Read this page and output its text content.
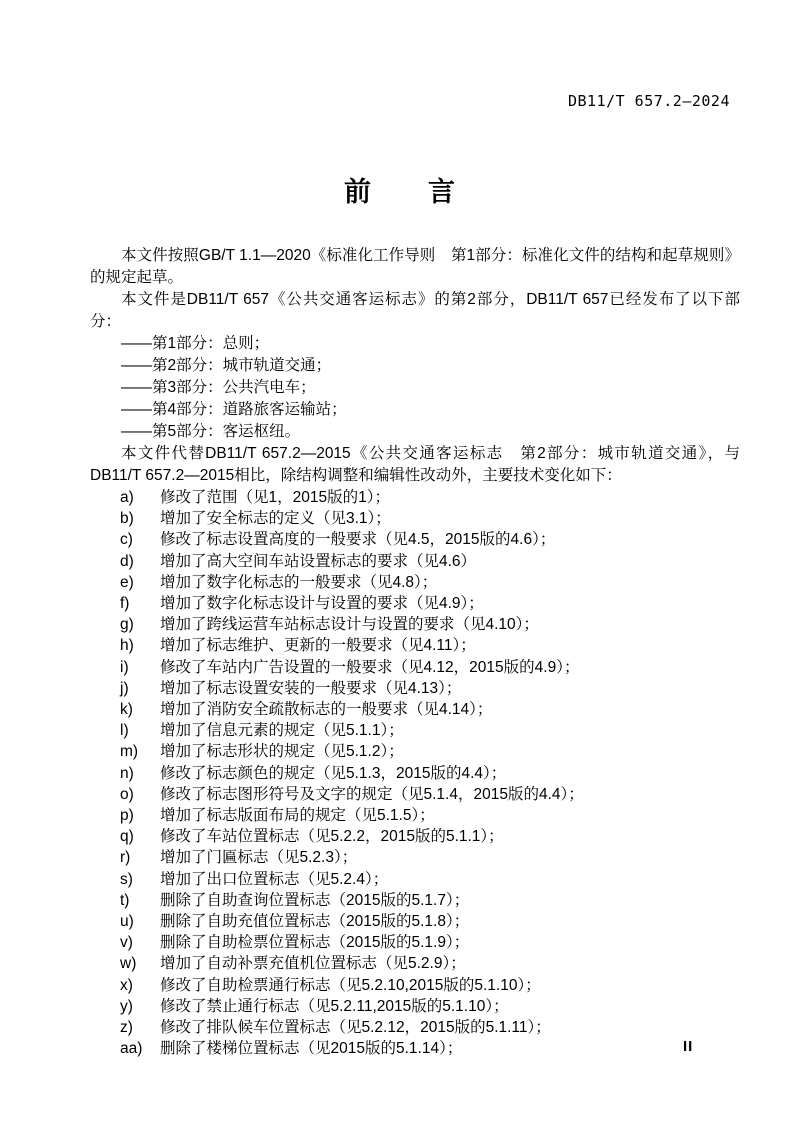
DB11/T 657.2—2024
前　　言

本文件按照GB/T 1.1—2020《标准化工作导则　第1部分：标准化文件的结构和起草规则》的规定起草。

本文件是DB11/T 657《公共交通客运标志》的第2部分，DB11/T 657已经发布了以下部分：

——第1部分：总则；
——第2部分：城市轨道交通；
——第3部分：公共汽电车；
——第4部分：道路旅客运输站；
——第5部分：客运枢纽。

本文件代替DB11/T 657.2—2015《公共交通客运标志　第2部分：城市轨道交通》，与DB11/T 657.2—2015相比，除结构调整和编辑性改动外，主要技术变化如下：

a)	修改了范围（见1，2015版的1）；
b)	增加了安全标志的定义（见3.1）；
c)	修改了标志设置高度的一般要求（见4.5，2015版的4.6）；
d)	增加了高大空间车站设置标志的要求（见4.6）
e)	增加了数字化标志的一般要求（见4.8）；
f)	增加了数字化标志设计与设置的要求（见4.9）；
g)	增加了跨线运营车站标志设计与设置的要求（见4.10）；
h)	增加了标志维护、更新的一般要求（见4.11）；
i)	修改了车站内广告设置的一般要求（见4.12，2015版的4.9）；
j)	增加了标志设置安装的一般要求（见4.13）；
k)	增加了消防安全疏散标志的一般要求（见4.14）；
l)	增加了信息元素的规定（见5.1.1）；
m)	增加了标志形状的规定（见5.1.2）；
n)	修改了标志颜色的规定（见5.1.3，2015版的4.4）；
o)	修改了标志图形符号及文字的规定（见5.1.4，2015版的4.4）；
p)	增加了标志版面布局的规定（见5.1.5）；
q)	修改了车站位置标志（见5.2.2，2015版的5.1.1）；
r)	增加了门匾标志（见5.2.3）；
s)	增加了出口位置标志（见5.2.4）；
t)	删除了自助查询位置标志（2015版的5.1.7）；
u)	删除了自助充值位置标志（2015版的5.1.8）；
v)	删除了自助检票位置标志（2015版的5.1.9）；
w)	增加了自动补票充值机位置标志（见5.2.9）；
x)	修改了自助检票通行标志（见5.2.10,2015版的5.1.10）；
y)	修改了禁止通行标志（见5.2.11,2015版的5.1.10）；
z)	修改了排队候车位置标志（见5.2.12，2015版的5.1.11）；
aa)	删除了楼梯位置标志（见2015版的5.1.14）；	II
